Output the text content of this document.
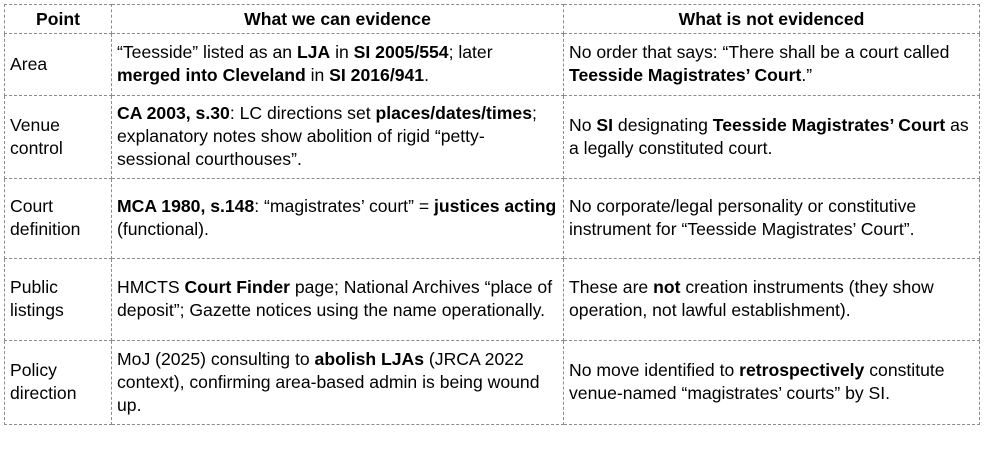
Point	What we can evidence	What is not evidenced
Area	“Teesside” listed as an LJA in SI 2005/554; later merged into Cleveland in SI 2016/941.	No order that says: “There shall be a court called Teesside Magistrates’ Court.”
Venue control	CA 2003, s.30: LC directions set places/dates/times; explanatory notes show abolition of rigid “petty-sessional courthouses”.	No SI designating Teesside Magistrates’ Court as a legally constituted court.
Court definition	MCA 1980, s.148: “magistrates’ court” = justices acting (functional).	No corporate/legal personality or constitutive instrument for “Teesside Magistrates’ Court”.
Public listings	HMCTS Court Finder page; National Archives “place of deposit”; Gazette notices using the name operationally.	These are not creation instruments (they show operation, not lawful establishment).
Policy direction	MoJ (2025) consulting to abolish LJAs (JRCA 2022 context), confirming area-based admin is being wound up.	No move identified to retrospectively constitute venue-named “magistrates’ courts” by SI.
